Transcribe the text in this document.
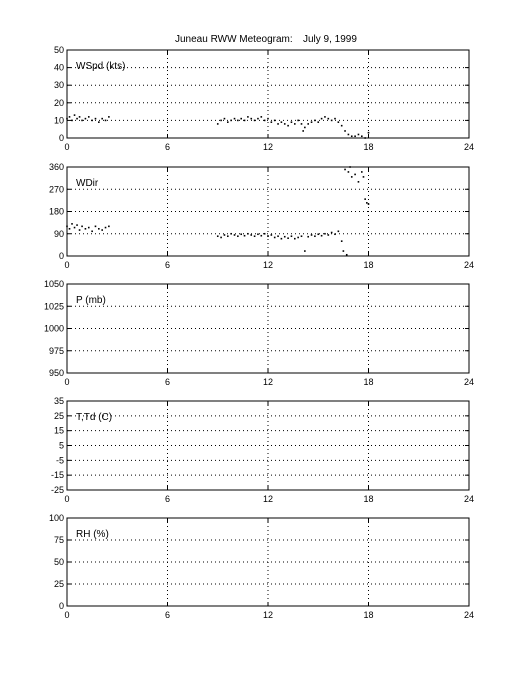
Juneau RWW Meteogram: July 9, 1999
0	6	12	18	24
0
10
20
30
40
50
WSpd (kts)
0	6	12	18	24
0
90
180
270
360
WDir
0	6	12	18	24
950
975
1000
1025
1050
P (mb)
0	6	12	18	24
-25
-15
-5
5
15
25
35
T,Td (C)
0	6	12	18	24
0
25
50
75
100
RH (%)
